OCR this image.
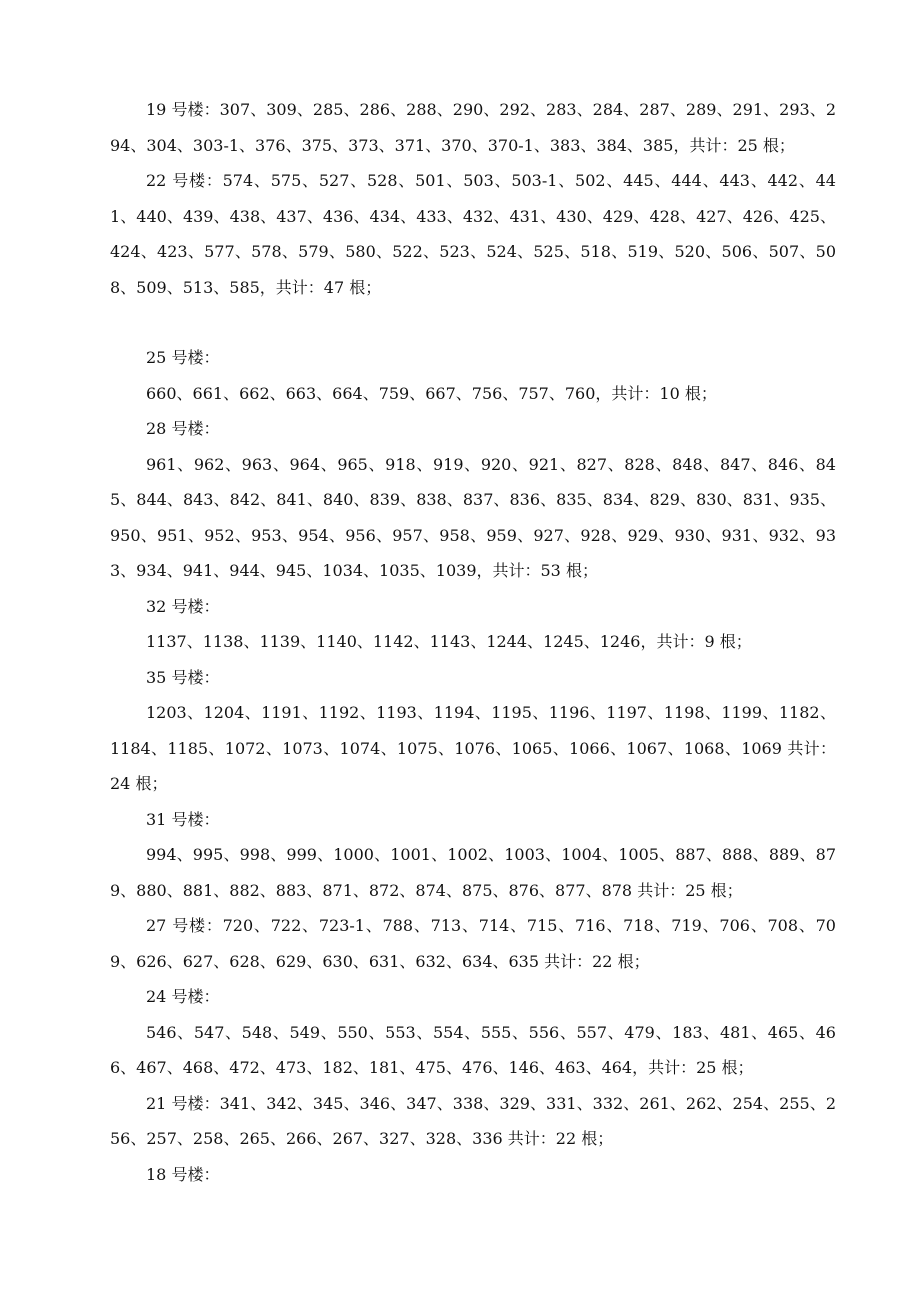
19 号楼：307、309、285、286、288、290、292、283、284、287、289、291、293、294、304、303-1、376、375、373、371、370、370-1、383、384、385，共计：25 根；

22 号楼：574、575、527、528、501、503、503-1、502、445、444、443、442、441、440、439、438、437、436、434、433、432、431、430、429、428、427、426、425、424、423、577、578、579、580、522、523、524、525、518、519、520、506、507、508、509、513、585，共计：47 根；

25 号楼：

660、661、662、663、664、759、667、756、757、760，共计：10 根；

28 号楼：

961、962、963、964、965、918、919、920、921、827、828、848、847、846、845、844、843、842、841、840、839、838、837、836、835、834、829、830、831、935、950、951、952、953、954、956、957、958、959、927、928、929、930、931、932、933、934、941、944、945、1034、1035、1039，共计：53 根；

32 号楼：

1137、1138、1139、1140、1142、1143、1244、1245、1246，共计：9 根；

35 号楼：

1203、1204、1191、1192、1193、1194、1195、1196、1197、1198、1199、1182、1184、1185、1072、1073、1074、1075、1076、1065、1066、1067、1068、1069 共计：24 根；

31 号楼：

994、995、998、999、1000、1001、1002、1003、1004、1005、887、888、889、879、880、881、882、883、871、872、874、875、876、877、878 共计：25 根；

27 号楼：720、722、723-1、788、713、714、715、716、718、719、706、708、709、626、627、628、629、630、631、632、634、635 共计：22 根；

24 号楼：

546、547、548、549、550、553、554、555、556、557、479、183、481、465、466、467、468、472、473、182、181、475、476、146、463、464，共计：25 根；

21 号楼：341、342、345、346、347、338、329、331、332、261、262、254、255、256、257、258、265、266、267、327、328、336 共计：22 根；

18 号楼：
